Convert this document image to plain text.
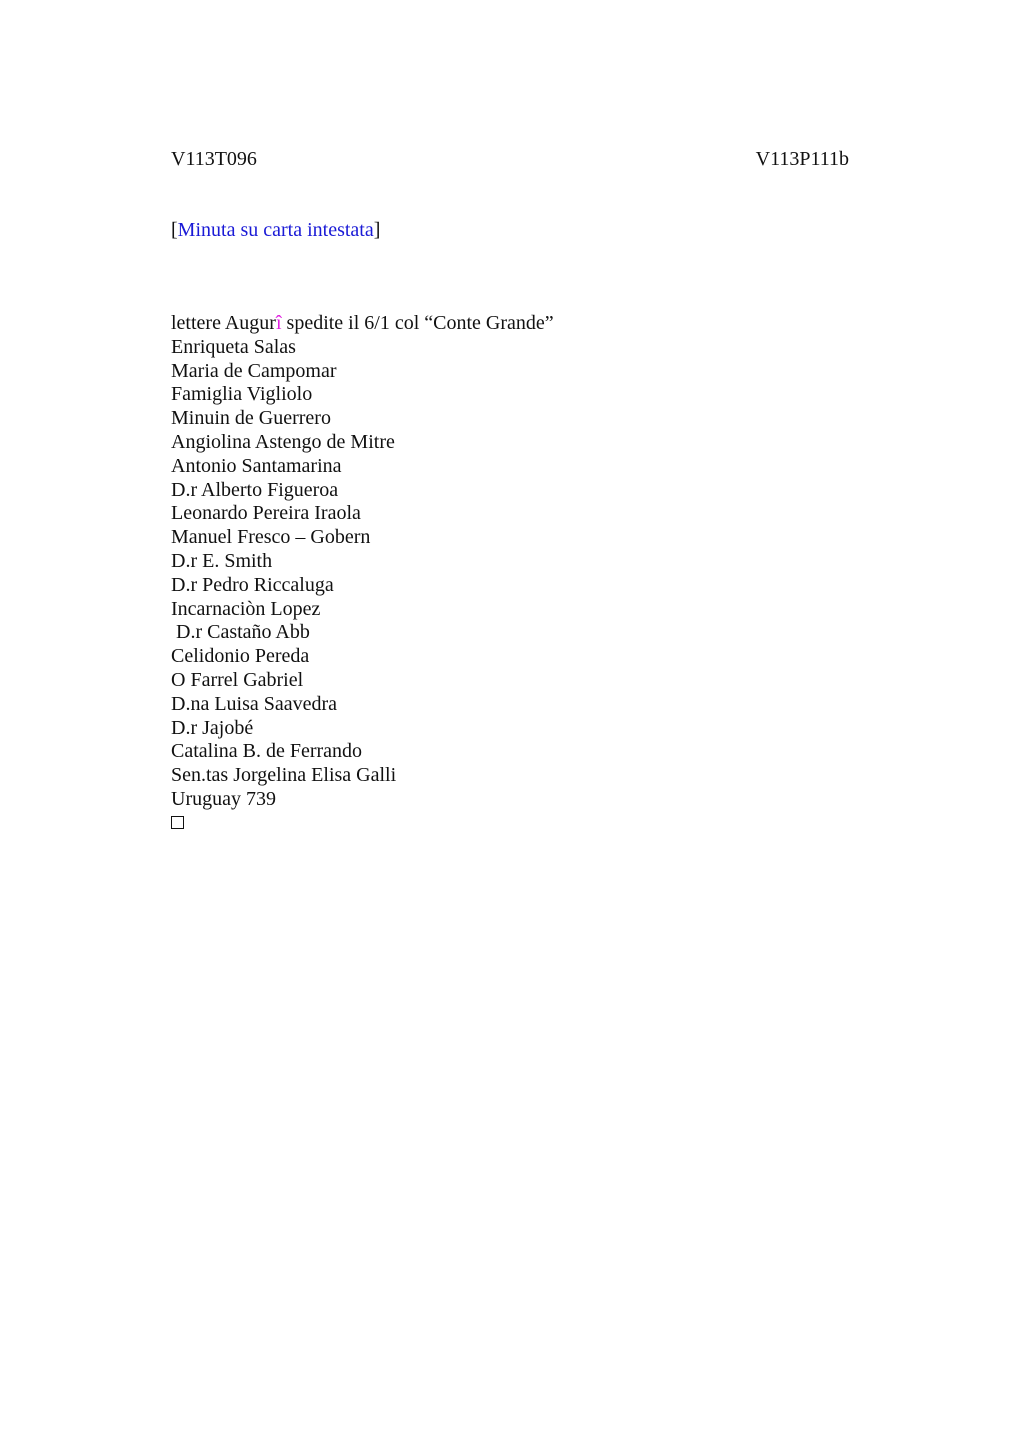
V113T096	V113P111b
[Minuta su carta intestata]
lettere Augurî spedite il 6/1 col “Conte Grande”
Enriqueta Salas
Maria de Campomar
Famiglia Vigliolo
Minuin de Guerrero
Angiolina Astengo de Mitre
Antonio Santamarina
D.r Alberto Figueroa
Leonardo Pereira Iraola
Manuel Fresco – Gobern
D.r E. Smith
D.r Pedro Riccaluga
Incarnaciòn Lopez
D.r Castaño Abb
Celidonio Pereda
O Farrel Gabriel
D.na Luisa Saavedra
D.r Jajobé
Catalina B. de Ferrando
Sen.tas Jorgelina Elisa Galli
Uruguay 739
